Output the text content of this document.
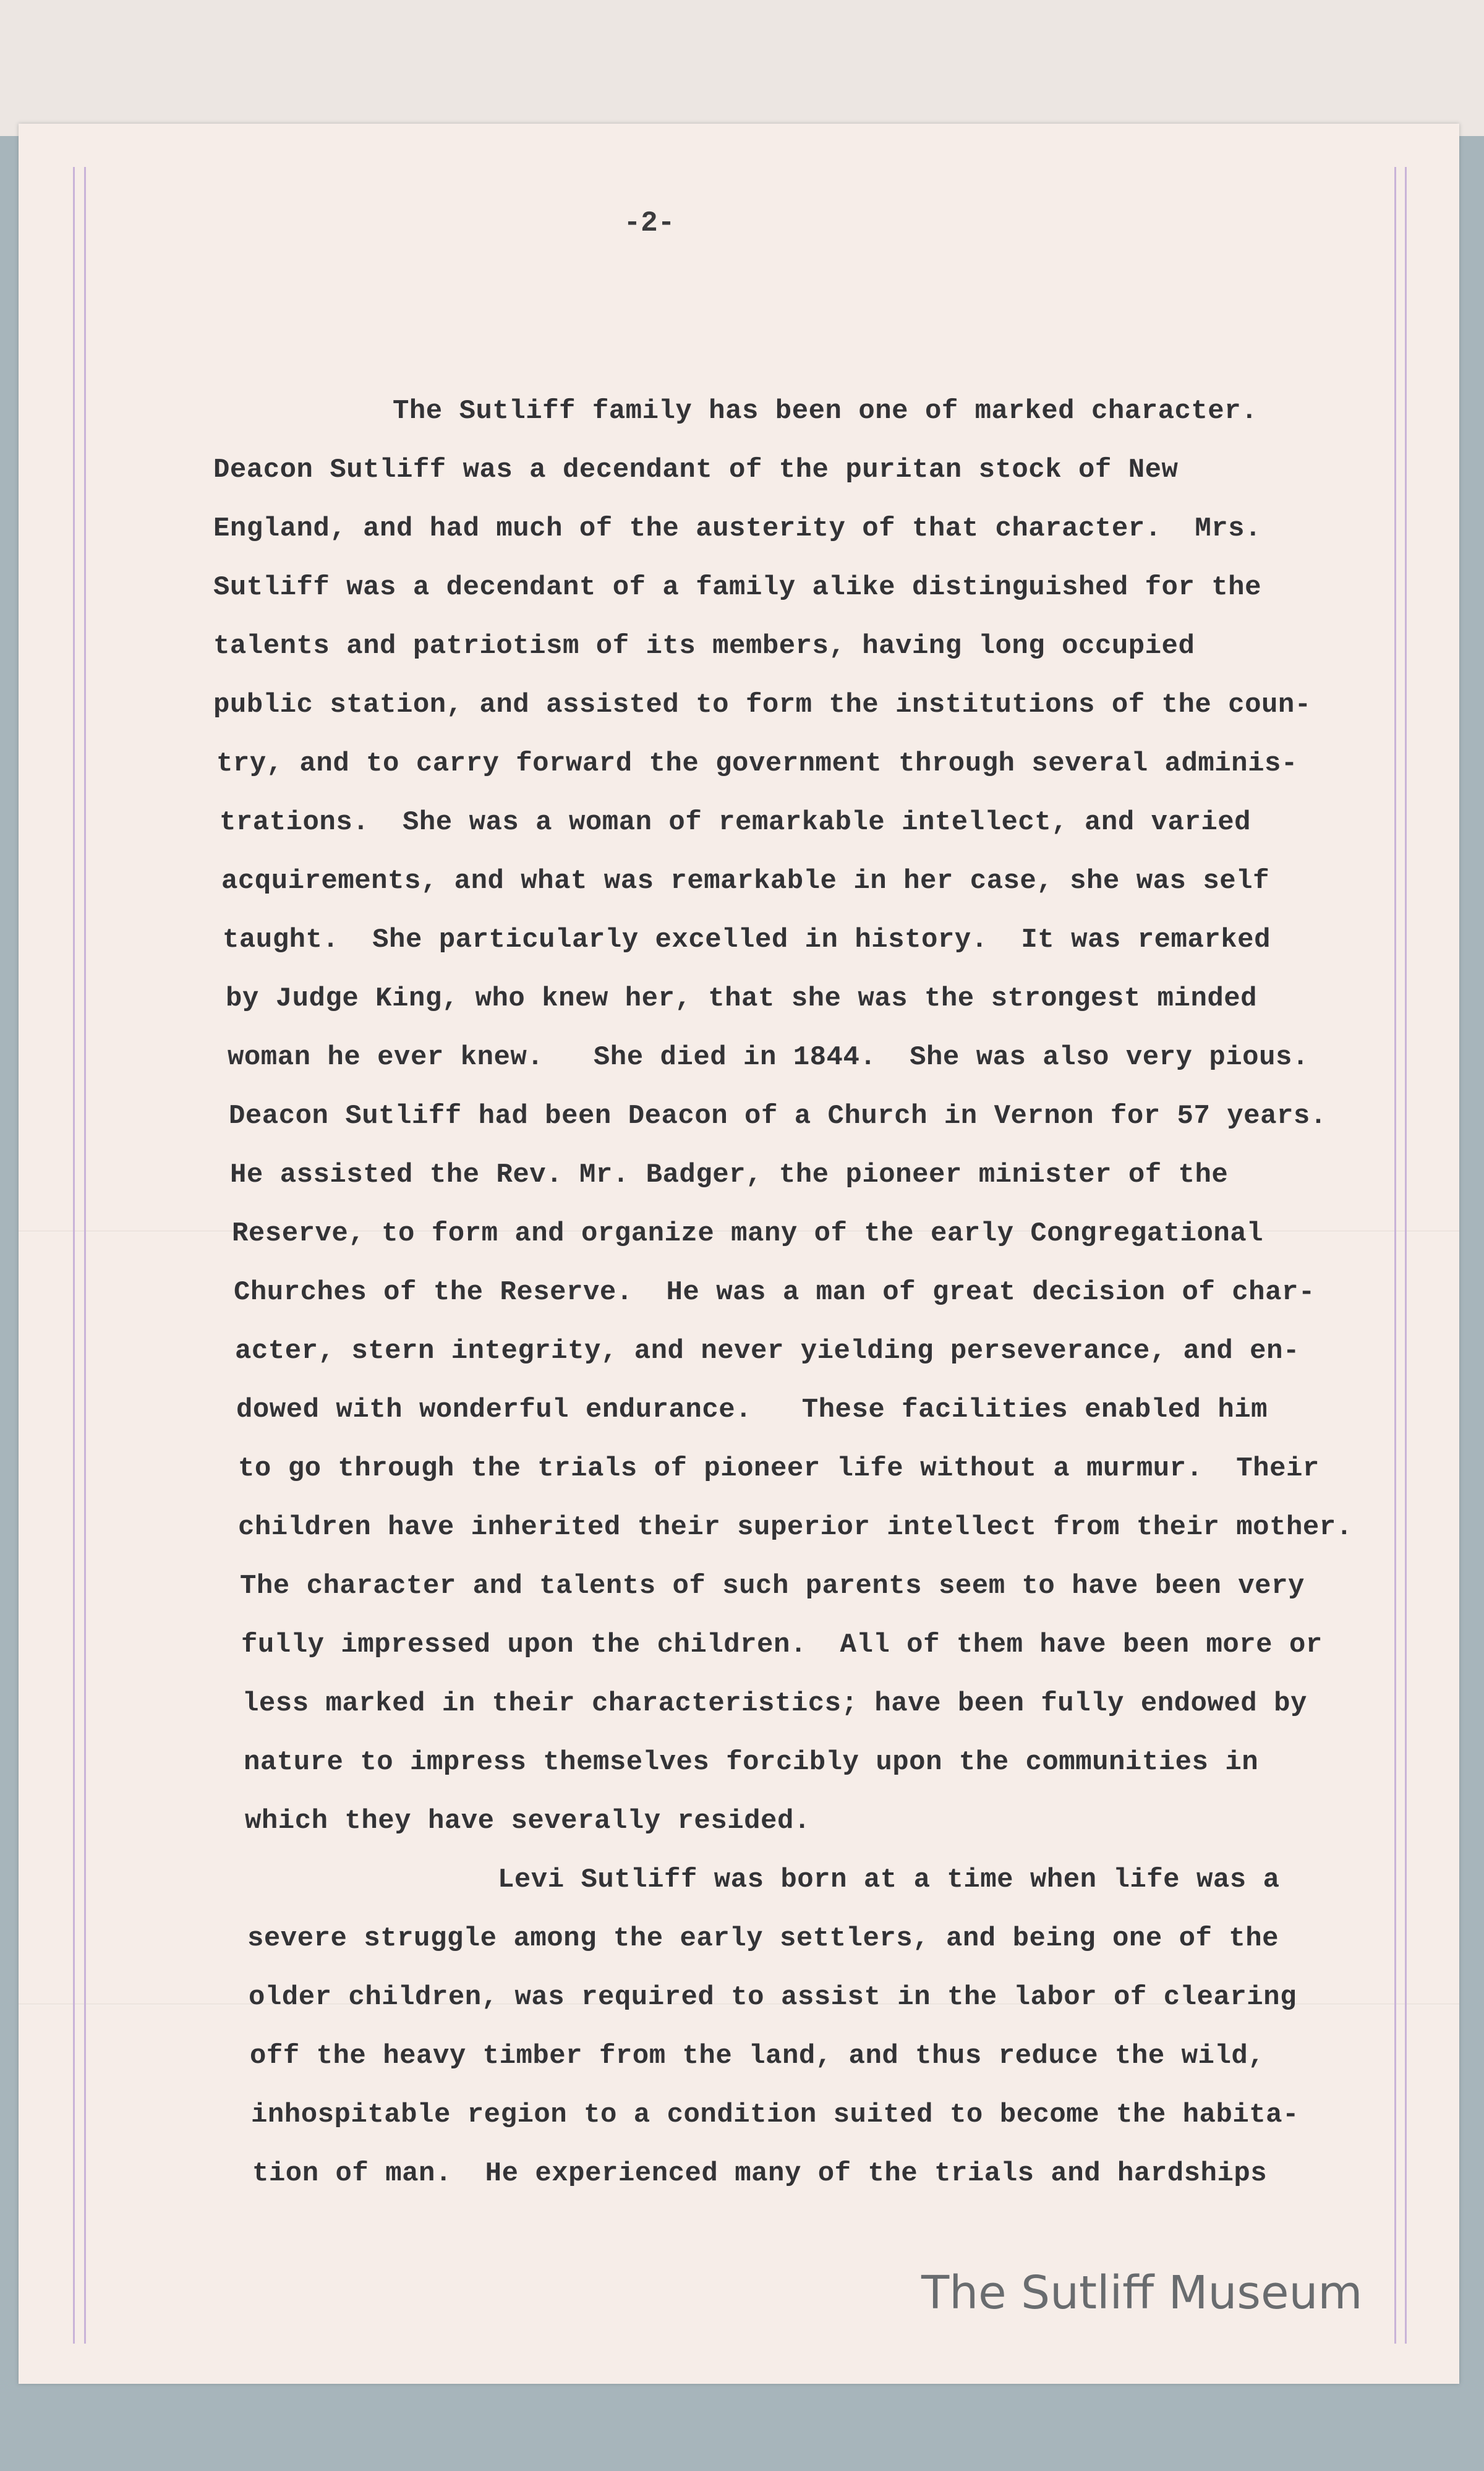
-2-
The Sutliff family has been one of marked character.
Deacon Sutliff was a decendant of the puritan stock of New
England, and had much of the austerity of that character.  Mrs.
Sutliff was a decendant of a family alike distinguished for the
talents and patriotism of its members, having long occupied
public station, and assisted to form the institutions of the coun-
try, and to carry forward the government through several adminis-
trations.  She was a woman of remarkable intellect, and varied
acquirements, and what was remarkable in her case, she was self
taught.  She particularly excelled in history.  It was remarked
by Judge King, who knew her, that she was the strongest minded
woman he ever knew.   She died in 1844.  She was also very pious.
Deacon Sutliff had been Deacon of a Church in Vernon for 57 years.
He assisted the Rev. Mr. Badger, the pioneer minister of the
Reserve, to form and organize many of the early Congregational
Churches of the Reserve.  He was a man of great decision of char-
acter, stern integrity, and never yielding perseverance, and en-
dowed with wonderful endurance.   These facilities enabled him
to go through the trials of pioneer life without a murmur.  Their
children have inherited their superior intellect from their mother.
The character and talents of such parents seem to have been very
fully impressed upon the children.  All of them have been more or
less marked in their characteristics; have been fully endowed by
nature to impress themselves forcibly upon the communities in
which they have severally resided.
Levi Sutliff was born at a time when life was a
severe struggle among the early settlers, and being one of the
older children, was required to assist in the labor of clearing
off the heavy timber from the land, and thus reduce the wild,
inhospitable region to a condition suited to become the habita-
tion of man.  He experienced many of the trials and hardships
The Sutliff Museum
